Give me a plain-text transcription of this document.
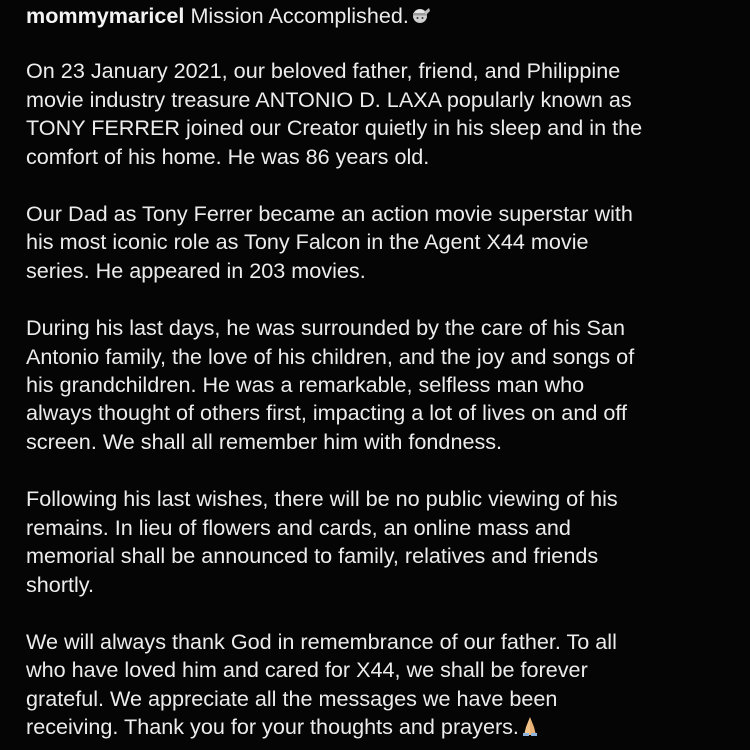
mommymaricel Mission Accomplished.
On 23 January 2021, our beloved father, friend, and Philippine
movie industry treasure ANTONIO D. LAXA popularly known as
TONY FERRER joined our Creator quietly in his sleep and in the
comfort of his home. He was 86 years old.
Our Dad as Tony Ferrer became an action movie superstar with
his most iconic role as Tony Falcon in the Agent X44 movie
series. He appeared in 203 movies.
During his last days, he was surrounded by the care of his San
Antonio family, the love of his children, and the joy and songs of
his grandchildren. He was a remarkable, selfless man who
always thought of others first, impacting a lot of lives on and off
screen. We shall all remember him with fondness.
Following his last wishes, there will be no public viewing of his
remains. In lieu of flowers and cards, an online mass and
memorial shall be announced to family, relatives and friends
shortly.
We will always thank God in remembrance of our father. To all
who have loved him and cared for X44, we shall be forever
grateful. We appreciate all the messages we have been
receiving. Thank you for your thoughts and prayers.
